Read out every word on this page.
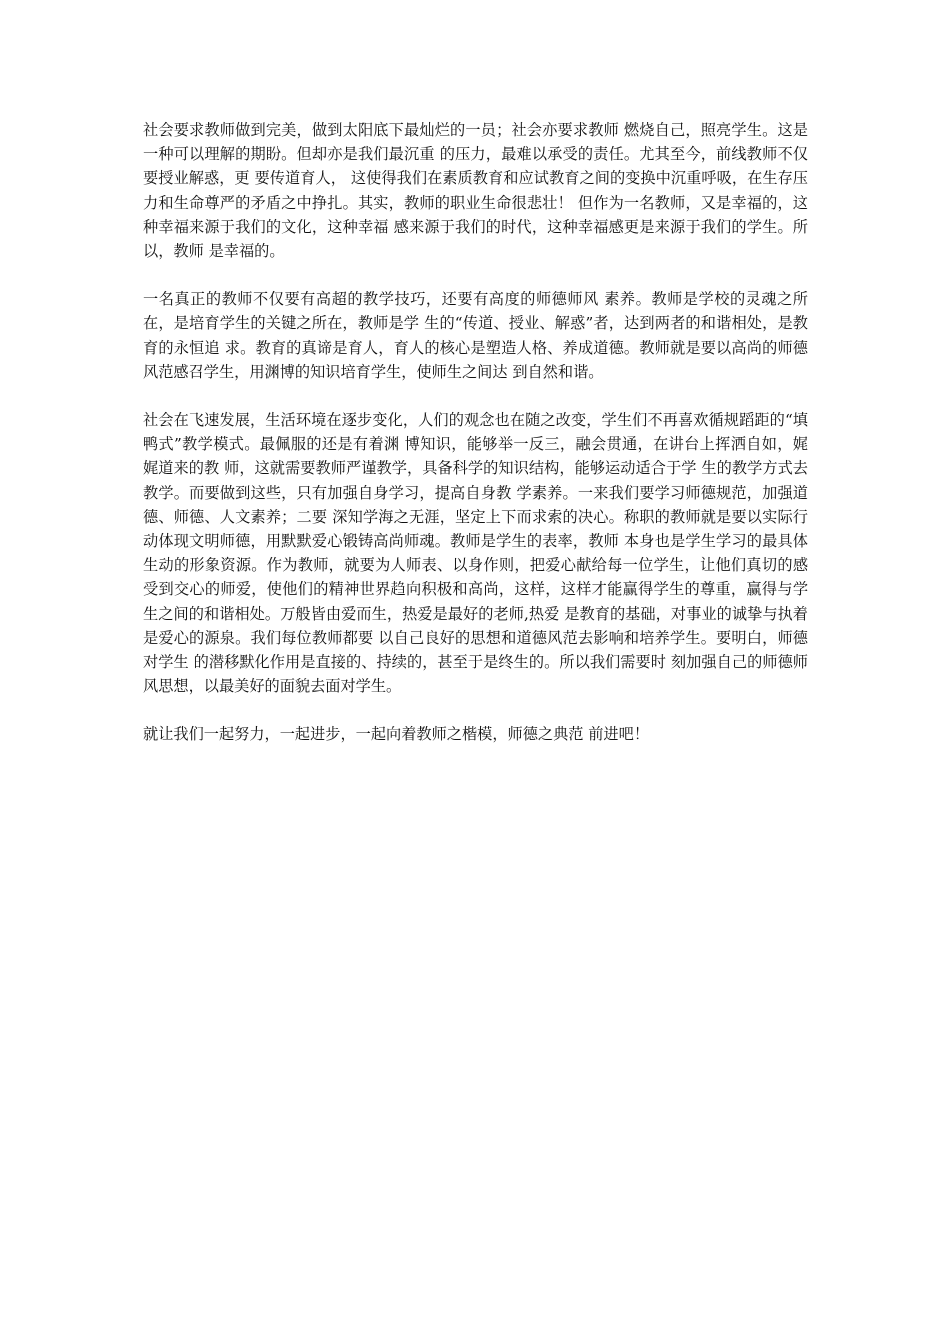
社会要求教师做到完美，做到太阳底下最灿烂的一员；社会亦要求教师 燃烧自己，照亮学生。这是一种可以理解的期盼。但却亦是我们最沉重 的压力，最难以承受的责任。尤其至今，前线教师不仅要授业解惑，更 要传道育人， 这使得我们在素质教育和应试教育之间的变换中沉重呼吸，在生存压力和生命尊严的矛盾之中挣扎。其实，教师的职业生命很悲壮！ 但作为一名教师，又是幸福的，这种幸福来源于我们的文化，这种幸福 感来源于我们的时代，这种幸福感更是来源于我们的学生。所以，教师 是幸福的。

一名真正的教师不仅要有高超的教学技巧，还要有高度的师德师风 素养。教师是学校的灵魂之所在，是培育学生的关键之所在，教师是学 生的“传道、授业、解惑”者，达到两者的和谐相处，是教育的永恒追 求。教育的真谛是育人，育人的核心是塑造人格、养成道德。教师就是要以高尚的师德风范感召学生，用渊博的知识培育学生，使师生之间达 到自然和谐。

社会在飞速发展，生活环境在逐步变化，人们的观念也在随之改变，学生们不再喜欢循规蹈距的“填鸭式”教学模式。最佩服的还是有着渊 博知识，能够举一反三，融会贯通，在讲台上挥洒自如，娓娓道来的教 师，这就需要教师严谨教学，具备科学的知识结构，能够运动适合于学 生的教学方式去教学。而要做到这些，只有加强自身学习，提高自身教 学素养。一来我们要学习师德规范，加强道德、师德、人文素养；二要 深知学海之无涯，坚定上下而求索的决心。称职的教师就是要以实际行 动体现文明师德，用默默爱心锻铸高尚师魂。教师是学生的表率，教师 本身也是学生学习的最具体生动的形象资源。作为教师，就要为人师表、以身作则，把爱心献给每一位学生，让他们真切的感受到交心的师爱，使他们的精神世界趋向积极和高尚，这样，这样才能赢得学生的尊重，赢得与学生之间的和谐相处。万般皆由爱而生，热爱是最好的老师,热爱 是教育的基础，对事业的诚挚与执着是爱心的源泉。我们每位教师都要 以自己良好的思想和道德风范去影响和培养学生。要明白，师德对学生 的潜移默化作用是直接的、持续的，甚至于是终生的。所以我们需要时 刻加强自己的师德师风思想，以最美好的面貌去面对学生。

就让我们一起努力，一起进步，一起向着教师之楷模，师德之典范 前进吧！
